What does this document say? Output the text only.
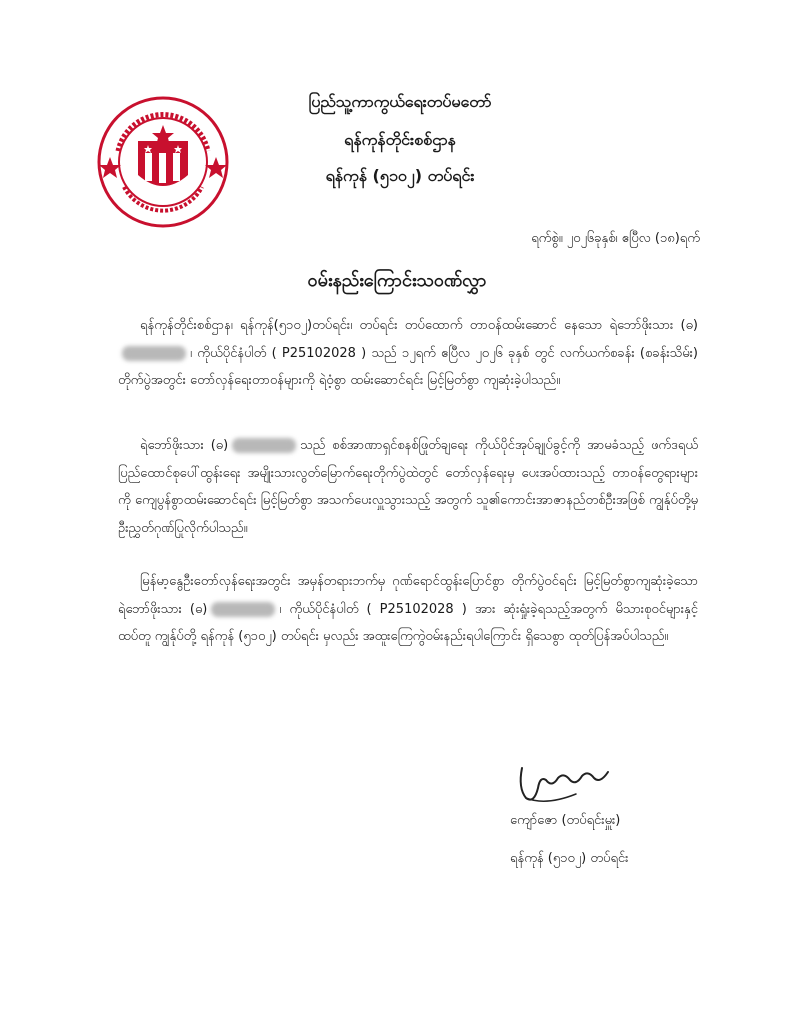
ပြည်သူ့ကာကွယ်ရေးတပ်မတော်
ရန်ကုန်တိုင်းစစ်ဌာန
ရန်ကုန် (၅၁၀၂) တပ်ရင်း
ရက်စွဲ။ ၂၀၂၆ခုနှစ်၊ ဧပြီလ (၁၈)ရက်
ဝမ်းနည်းကြောင်းသဝဏ်လွှာ
ရန်ကုန်တိုင်းစစ်ဌာန၊ ရန်ကုန်(၅၁၀၂)တပ်ရင်း၊ တပ်ရင်း တပ်ထောက် တာဝန်ထမ်းဆောင် နေသော ရဲဘော်ဖိုးသား (ဓ)၊ ကိုယ်ပိုင်နံပါတ် ( P25102028 ) သည် ၁၂ရက် ဧပြီလ ၂၀၂၆ ခုနှစ် တွင် လက်ယက်စခန်း (စခန်းသိမ်း) တိုက်ပွဲအတွင်း တော်လှန်ရေးတာဝန်များကို ရဲဝံ့စွာ ထမ်းဆောင်ရင်း မြင့်မြတ်စွာ ကျဆုံးခဲ့ပါသည်။
ရဲဘော်ဖိုးသား (ဓ)	သည် စစ်အာဏာရှင်စနစ်ဖြုတ်ချရေး ကိုယ်ပိုင်အုပ်ချုပ်ခွင့်ကို အာမခံသည့် ဖက်ဒရယ်ပြည်ထောင်စုပေါ်ထွန်းရေး အမျိုးသားလွတ်မြောက်ရေးတိုက်ပွဲထဲတွင် တော်လှန်ရေးမှ ပေးအပ်ထားသည့် တာဝန်တွေရားများကို ကျေပွန်စွာထမ်းဆောင်ရင်း မြင့်မြတ်စွာ အသက်ပေးလှူသွားသည့် အတွက် သူ၏ကောင်းအာဇာနည်တစ်ဦးအဖြစ် ကျွန်ုပ်တို့မှ ဦးညွှတ်ဂုဏ်ပြုလိုက်ပါသည်။
မြန်မာ့နွေဦးတော်လှန်ရေးအတွင်း အမှန်တရားဘက်မှ ဂုဏ်ရောင်ထွန်းပြောင်စွာ တိုက်ပွဲဝင်ရင်း မြင့်မြတ်စွာကျဆုံးခဲ့သော ရဲဘော်ဖိုးသား (ဓ)	၊ ကိုယ်ပိုင်နံပါတ် ( P25102028 ) အား ဆုံးရှုံးခဲ့ရသည့်အတွက် မိသားစုဝင်များနှင့်ထပ်တူ ကျွန်ုပ်တို့ ရန်ကုန် (၅၁၀၂) တပ်ရင်း မှလည်း အထူးကြေကွဲဝမ်းနည်းရပါကြောင်း ရှိသေစွာ ထုတ်ပြန်အပ်ပါသည်။
ကျော်ဇော (တပ်ရင်းမှူး)
ရန်ကုန် (၅၁၀၂) တပ်ရင်း
